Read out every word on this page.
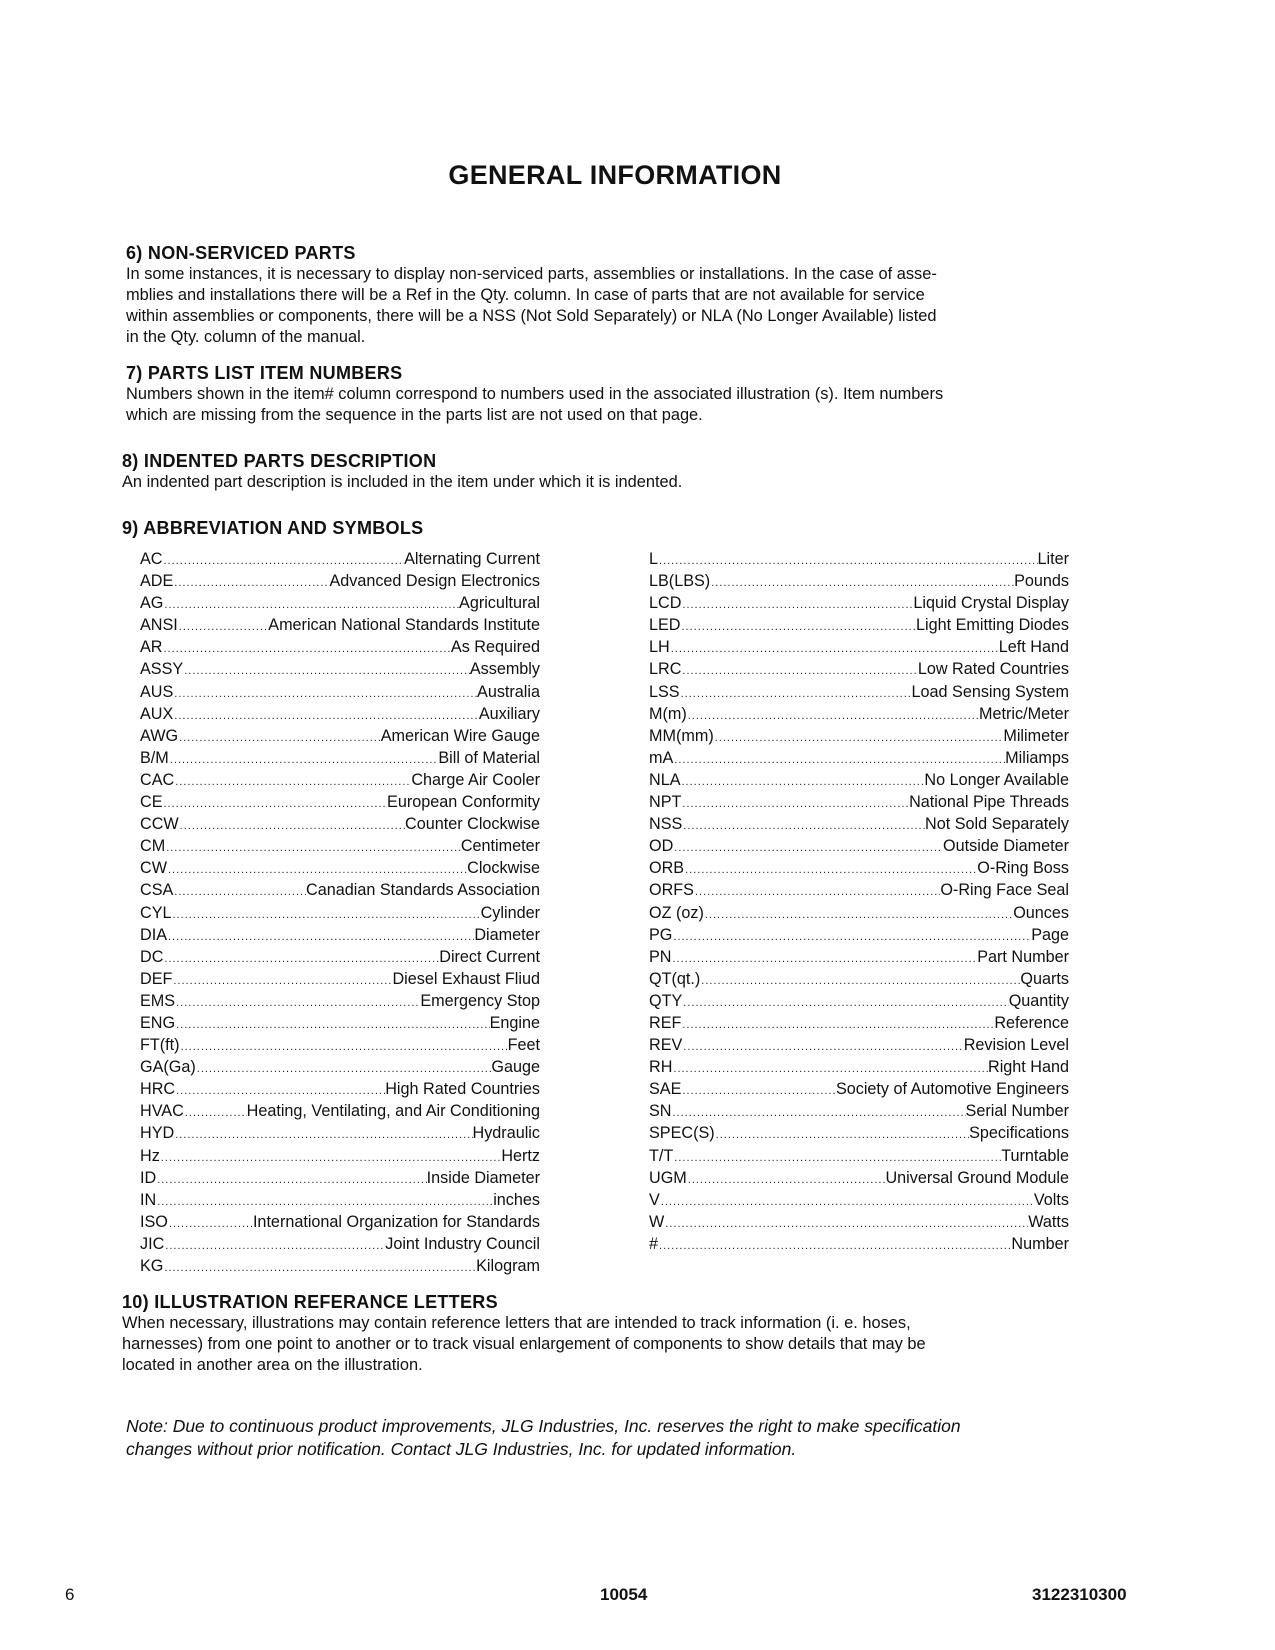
GENERAL INFORMATION
6) NON-SERVICED PARTS

In some instances, it is necessary to display non-serviced parts, assemblies or installations. In the case of asse-

mblies and installations there will be a Ref in the Qty. column. In case of parts that are not available for service

within assemblies or components, there will be a NSS (Not Sold Separately) or NLA (No Longer Available) listed

in the Qty. column of the manual.

7) PARTS LIST ITEM NUMBERS

Numbers shown in the item# column correspond to numbers used in the associated illustration (s). Item numbers

which are missing from the sequence in the parts list are not used on that page.

8) INDENTED PARTS DESCRIPTION

An indented part description is included in the item under which it is indented.

9) ABBREVIATION AND SYMBOLS
AC .....	Alternating Current
ADE .....	Advanced Design Electronics
AG .....	Agricultural
ANSI .....	American National Standards Institute
AR .....	As Required
ASSY .....	Assembly
AUS .....	Australia
AUX .....	Auxiliary
AWG .....	American Wire Gauge
B/M .....	Bill of Material
CAC .....	Charge Air Cooler
CE .....	European Conformity
CCW .....	Counter Clockwise
CM .....	Centimeter
CW .....	Clockwise
CSA .....	Canadian Standards Association
CYL .....	Cylinder
DIA .....	Diameter
DC .....	Direct Current
DEF .....	Diesel Exhaust Fliud
EMS .....	Emergency Stop
ENG .....	Engine
FT(ft) .....	Feet
GA(Ga) .....	Gauge
HRC .....	High Rated Countries
HVAC .....	Heating, Ventilating, and Air Conditioning
HYD .....	Hydraulic
Hz .....	Hertz
ID .....	Inside Diameter
IN .....	inches
ISO .....	International Organization for Standards
JIC .....	Joint Industry Council
KG .....	Kilogram
L .....	Liter
LB(LBS) .....	Pounds
LCD .....	Liquid Crystal Display
LED .....	Light Emitting Diodes
LH .....	Left Hand
LRC .....	Low Rated Countries
LSS .....	Load Sensing System
M(m) .....	Metric/Meter
MM(mm) .....	Milimeter
mA .....	Miliamps
NLA .....	No Longer Available
NPT .....	National Pipe Threads
NSS .....	Not Sold Separately
OD .....	Outside Diameter
ORB .....	O-Ring Boss
ORFS .....	O-Ring Face Seal
OZ (oz) .....	Ounces
PG .....	Page
PN .....	Part Number
QT(qt.) .....	Quarts
QTY .....	Quantity
REF .....	Reference
REV .....	Revision Level
RH .....	Right Hand
SAE .....	Society of Automotive Engineers
SN .....	Serial Number
SPEC(S) .....	Specifications
T/T .....	Turntable
UGM .....	Universal Ground Module
V .....	Volts
W .....	Watts
# .....	Number
10) ILLUSTRATION REFERANCE LETTERS

When necessary, illustrations may contain reference letters that are intended to track information (i. e. hoses,

harnesses) from one point to another or to track visual enlargement of components to show details that may be

located in another area on the illustration.

Note: Due to continuous product improvements, JLG Industries, Inc. reserves the right to make specification
changes without prior notification. Contact JLG Industries, Inc. for updated information.
6	10054	3122310300
